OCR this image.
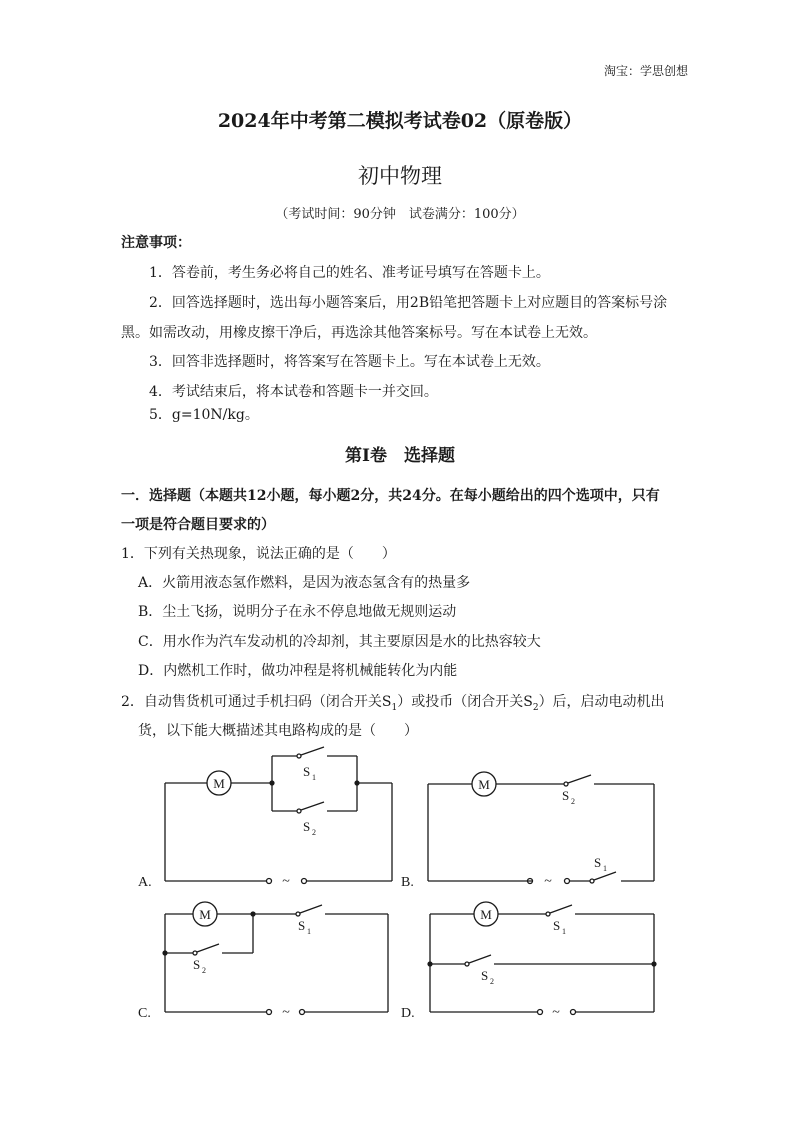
淘宝：学思创想
2024年中考第二模拟考试卷02（原卷版）
初中物理
（考试时间：90分钟　试卷满分：100分）
注意事项：
1．答卷前，考生务必将自己的姓名、准考证号填写在答题卡上。
2．回答选择题时，选出每小题答案后，用2B铅笔把答题卡上对应题目的答案标号涂
黑。如需改动，用橡皮擦干净后，再选涂其他答案标号。写在本试卷上无效。
3．回答非选择题时，将答案写在答题卡上。写在本试卷上无效。
4．考试结束后，将本试卷和答题卡一并交回。
5．g=10N/kg。
第Ⅰ卷　选择题
一．选择题（本题共12小题，每小题2分，共24分。在每小题给出的四个选项中，只有
一项是符合题目要求的）
1．下列有关热现象，说法正确的是（　　）
A．火箭用液态氢作燃料，是因为液态氢含有的热量多
B．尘土飞扬，说明分子在永不停息地做无规则运动
C．用水作为汽车发动机的冷却剂，其主要原因是水的比热容较大
D．内燃机工作时，做功冲程是将机械能转化为内能
2．自动售货机可通过手机扫码（闭合开关$S_1$）或投币（闭合开关$S_2$）后，启动电动机出
货，以下能大概描述其电路构成的是（　　）
M	M
M	M
S 1
S 2
S 2
S 1
S 1
S 2
S 1
S 2
~	~
~	~
A.	B.
C.	D.
